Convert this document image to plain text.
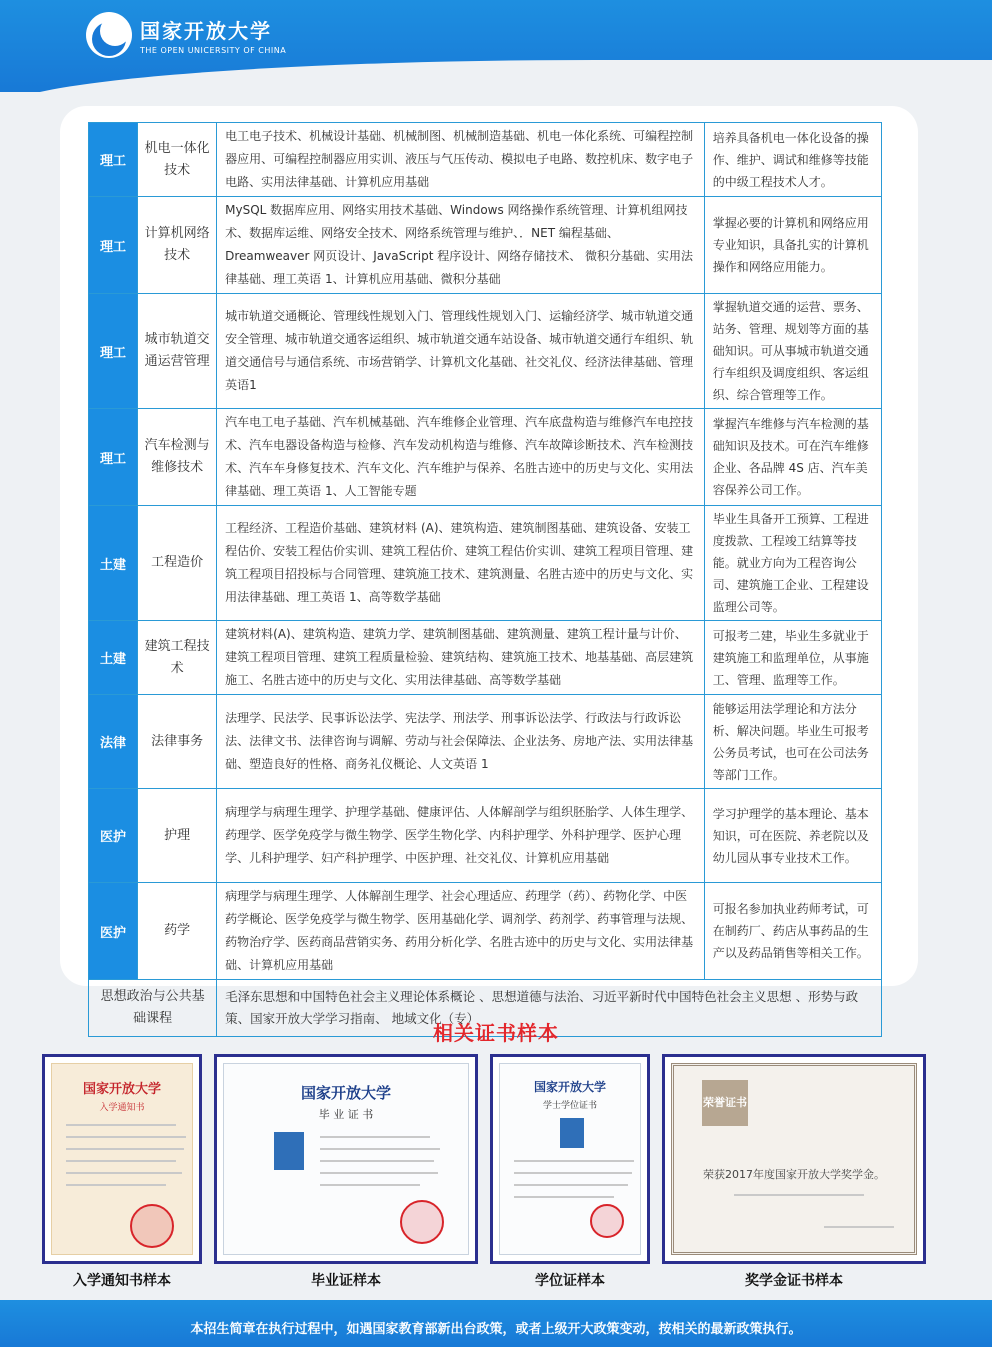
国家开放大学
THE OPEN UNICERSITY OF CHINA
理工	机电一体化技术	电工电子技术、机械设计基础、机械制图、机械制造基础、机电一体化系统、可编程控制器应用、可编程控制器应用实训、液压与气压传动、模拟电子电路、数控机床、数字电子电路、实用法律基础、计算机应用基础	培养具备机电一体化设备的操作、维护、调试和维修等技能的中级工程技术人才。
理工	计算机网络技术	MySQL 数据库应用、网络实用技术基础、Windows 网络操作系统管理、计算机组网技术、数据库运维、网络安全技术、网络系统管理与维护、．NET 编程基础、Dreamweaver 网页设计、JavaScript 程序设计、网络存储技术、 微积分基础、实用法律基础、理工英语 1、计算机应用基础、微积分基础	掌握必要的计算机和网络应用专业知识，具备扎实的计算机操作和网络应用能力。
理工	城市轨道交通运营管理	城市轨道交通概论、管理线性规划入门、管理线性规划入门、运输经济学、城市轨道交通安全管理、城市轨道交通客运组织、城市轨道交通车站设备、城市轨道交通行车组织、轨道交通信号与通信系统、市场营销学、计算机文化基础、社交礼仪、经济法律基础、管理英语1	掌握轨道交通的运营、票务、站务、管理、规划等方面的基础知识。可从事城市轨道交通行车组织及调度组织、客运组织、综合管理等工作。
理工	汽车检测与维修技术	汽车电工电子基础、汽车机械基础、汽车维修企业管理、汽车底盘构造与维修汽车电控技术、汽车电器设备构造与检修、汽车发动机构造与维修、汽车故障诊断技术、汽车检测技术、汽车车身修复技术、汽车文化、汽车维护与保养、名胜古迹中的历史与文化、实用法律基础、理工英语 1、人工智能专题	掌握汽车维修与汽车检测的基础知识及技术。可在汽车维修企业、各品牌 4S 店、汽车美容保养公司工作。
土建	工程造价	工程经济、工程造价基础、建筑材料 (A)、建筑构造、建筑制图基础、建筑设备、安装工程估价、安装工程估价实训、建筑工程估价、建筑工程估价实训、建筑工程项目管理、建筑工程项目招投标与合同管理、建筑施工技术、建筑测量、名胜古迹中的历史与文化、实用法律基础、理工英语 1、高等数学基础	毕业生具备开工预算、工程进度拨款、工程竣工结算等技能。就业方向为工程咨询公司、建筑施工企业、工程建设监理公司等。
土建	建筑工程技术	建筑材料(A)、建筑构造、建筑力学、建筑制图基础、建筑测量、建筑工程计量与计价、建筑工程项目管理、建筑工程质量检验、建筑结构、建筑施工技术、地基基础、高层建筑施工、名胜古迹中的历史与文化、实用法律基础、高等数学基础	可报考二建，毕业生多就业于建筑施工和监理单位，从事施工、管理、监理等工作。
法律	法律事务	法理学、民法学、民事诉讼法学、宪法学、刑法学、刑事诉讼法学、行政法与行政诉讼法、法律文书、法律咨询与调解、劳动与社会保障法、企业法务、房地产法、实用法律基础、塑造良好的性格、商务礼仪概论、人文英语 1	能够运用法学理论和方法分析、解决问题。毕业生可报考公务员考试，也可在公司法务等部门工作。
医护	护理	病理学与病理生理学、护理学基础、健康评估、人体解剖学与组织胚胎学、人体生理学、药理学、医学免疫学与微生物学、医学生物化学、内科护理学、外科护理学、医护心理学、儿科护理学、妇产科护理学、中医护理、社交礼仪、计算机应用基础	学习护理学的基本理论、基本知识，可在医院、养老院以及幼儿园从事专业技术工作。
医护	药学	病理学与病理生理学、人体解剖生理学、社会心理适应、药理学（药）、药物化学、中医药学概论、医学免疫学与微生物学、医用基础化学、调剂学、药剂学、药事管理与法规、药物治疗学、医药商品营销实务、药用分析化学、名胜古迹中的历史与文化、实用法律基础、计算机应用基础	可报名参加执业药师考试，可在制药厂、药店从事药品的生产以及药品销售等相关工作。
思想政治与公共基础课程		毛泽东思想和中国特色社会主义理论体系概论 、思想道德与法治、习近平新时代中国特色社会主义思想 、形势与政策、国家开放大学学习指南、 地域文化（专）	
相关证书样本
国家开放大学
入学通知书
入学通知书样本
国家开放大学
毕 业 证 书
毕业证样本
国家开放大学
学士学位证书
学位证样本
荣誉证书
荣获2017年度国家开放大学奖学金。
奖学金证书样本
本招生简章在执行过程中，如遇国家教育部新出台政策，或者上级开大政策变动，按相关的最新政策执行。
